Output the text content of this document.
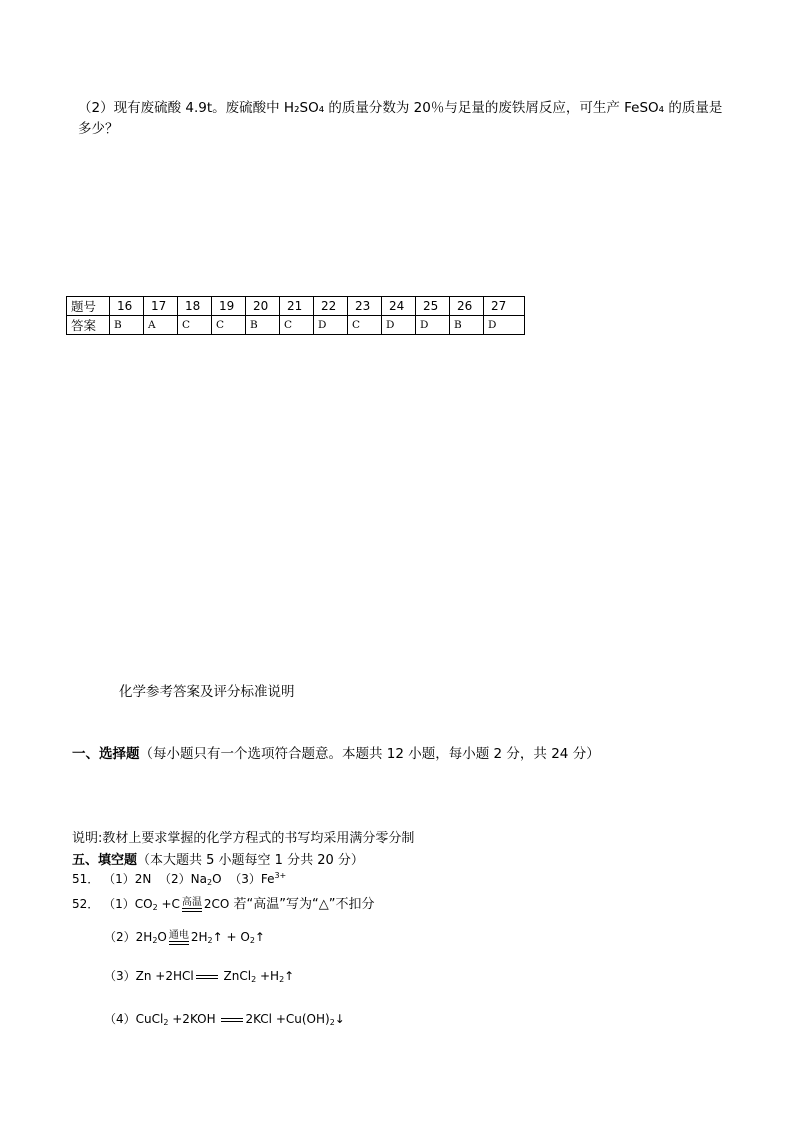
（2）现有废硫酸 4.9t。废硫酸中 H₂SO₄ 的质量分数为 20％与足量的废铁屑反应，可生产 FeSO₄ 的质量是
多少？
题号	16	17	18	19	20	21	22	23	24	25	26	27
答案	B	A	C	C	B	C	D	C	D	D	B	D
化学参考答案及评分标准说明
一、选择题（每小题只有一个选项符合题意。本题共 12 小题，每小题 2 分，共 24 分）
说明:教材上要求掌握的化学方程式的书写均采用满分零分制
五、填空题（本大题共 5 小题每空 1 分共 20 分）
51． （1）2N $(2)Na_2O$ $(3)Fe^{3+}$
52． $(1)CO_2 +C$ 高温 2CO 若“高温”写为“△”不扣分
$(2)2H_2O$ 通电 $2H_2↑$ + $O_2↑$
（3）Zn +2HCl ZnCl$_2$ $+H_2↑$
（4）CuCl$_2$ +2KOH $2KCl +Cu(OH)_2↓$
